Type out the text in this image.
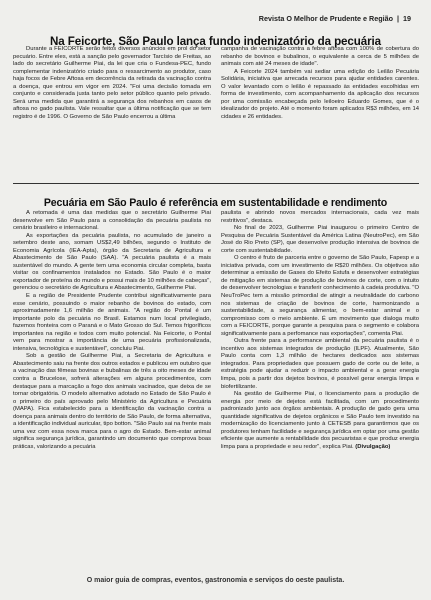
Revista O Melhor de Prudente e Região | 19
Na Feicorte, São Paulo lança fundo indenizatório da pecuária

Durante a FEICORTE serão feitos diversos anúncios em prol do setor pecuário. Entre eles, está a sanção pelo governador Tarcísio de Freitas, ao lado do secretário Guilherme Piai, da lei que cria o Fundesa-PEC, fundo complementar indenizatório criado para o ressarcimento ao produtor, caso haja focos de Febre Aftosa em decorrência da retirada da vacinação contra a doença, que entrou em vigor em 2024. "Foi uma decisão tomada em conjunto e considerada justa tanto pelo setor público quanto pelo privado. Será uma medida que garantirá a segurança dos rebanhos em casos de aftosa no gado paulista. Vale ressaltar que a última notificação que se tem registro é de 1996. O Governo de São Paulo encerrou a última

campanha de vacinação contra a febre aftosa com 100% de cobertura do rebanho de bovinos e bubalinos, o equivalente a cerca de 5 milhões de animais com até 24 meses de idade".

A Feicorte 2024 também vai sediar uma edição do Leilão Pecuária Solidária, iniciativa que arrecada recursos para ajudar entidades carentes. O valor levantado com o leilão é repassado às entidades escolhidas em forma de investimento, com acompanhamento da aplicação dos recursos por uma comissão encabeçada pelo leiloeiro Eduardo Gomes, que é o idealizador do projeto. Até o momento foram aplicados R$3 milhões, em 14 cidades e 26 entidades.

Pecuária em São Paulo é referência em sustentabilidade e rendimento

A retomada é uma das medidas que o secretário Guilherme Piai desenvolve em São Paulo para a consolidação da pecuária paulista no cenário brasileiro e internacional.

As exportações da pecuária paulista, no acumulado de janeiro a setembro deste ano, somam US$2,49 bilhões, segundo o Instituto de Economia Agrícola (IEA-Apta), órgão da Secretaria de Agricultura e Abastecimento de São Paulo (SAA). "A pecuária paulista é a mais sustentável do mundo. A gente tem uma economia circular completa, basta visitar os confinamentos instalados no Estado. São Paulo é o maior exportador de proteína do mundo e possui mais de 10 milhões de cabeças", gerenciou o secretário de Agricultura e Abastecimento, Guilherme Piai.

E a região de Presidente Prudente contribui significativamente para esse cenário, possuindo o maior rebanho de bovinos do estado, com aproximadamente 1,6 milhão de animais. "A região do Pontal é um importante polo da pecuária no Brasil. Estamos num local privilegiado, fazemos fronteira com o Paraná e o Mato Grosso do Sul. Temos frigoríficos importantes na região e todos com muito potencial. Na Feicorte, o Pontal vem para mostrar a importância de uma pecuária profissionalizada, intensiva, tecnológica e sustentável", concluiu Piai.

Sob a gestão de Guilherme Piai, a Secretaria de Agricultura e Abastecimento saiu na frente dos outros estados e publicou em outubro que a vacinação das fêmeas bovinas e bubalinas de três a oito meses de idade contra a Brucelose, sofrerá alterações em alguns procedimentos, com destaque para a marcação a fogo dos animais vacinados, que deixa de se tornar obrigatória. O modelo alternativo adotado no Estado de São Paulo é o primeiro do país aprovado pelo Ministério da Agricultura e Pecuária (MAPA). Fica estabelecido para a identificação da vacinação contra a doença para animais dentro do território de São Paulo, de forma alternativa, a identificação individual auricular, tipo botton. "São Paulo sai na frente mais uma vez com essa nova marca para o agro do Estado. Bem-estar animal significa segurança jurídica, garantindo um documento que comprova boas práticas, valorizando a pecuária

paulista e abrindo novos mercados internacionais, cada vez mais restritivos", destaca.

No final de 2023, Guilherme Piai inaugurou o primeiro Centro de Pesquisa de Pecuária Sustentável da América Latina (NeutroPec), em São José do Rio Preto (SP), que desenvolve produção intensiva de bovinos de corte com sustentabilidade.

O centro é fruto de parceria entre o governo de São Paulo, Fapesp e a iniciativa privada, com um investimento de R$20 milhões. Os objetivos são determinar a emissão de Gases do Efeito Estufa e desenvolver estratégias de mitigação em sistemas de produção de bovinos de corte, com o intuito de desenvolver tecnologias e transferir conhecimento à cadeia produtiva. "O NeuTroPec tem a missão primordial de atingir a neutralidade do carbono nos sistemas de criação de bovinos de corte, harmonizando a sustentabilidade, a segurança alimentar, o bem-estar animal e o compromisso com o meio ambiente. É um movimento que dialoga muito com a FEICORTE, porque garante a pesquisa para o segmento e colabora significativamente para a perfomance nas exportações", comenta Piai.

Outra frente para a performance ambiental da pecuária paulista é o incentivo aos sistemas integrados de produção (ILPF). Atualmente, São Paulo conta com 1,3 milhão de hectares dedicados aos sistemas integrados. Para propriedades que possuem gado de corte ou de leite, a estratégia pode ajudar a reduzir o impacto ambiental e a gerar energia limpa, pois a partir dos dejetos bovinos, é possível gerar energia limpa e biofertilizante.

Na gestão de Guilherme Piai, o licenciamento para a produção de energia por meio de dejetos está facilitada, com um procedimento padronizado junto aos órgãos ambientais. A produção de gado gera uma quantidade significativa de dejetos orgânicos e São Paulo tem investido na modernização do licenciamento junto à CETESB para garantirmos que os produtores tenham facilidade e segurança jurídica em optar por uma gestão eficiente que aumente a rentabilidade dos pecuaristas e que produz energia limpa para a propriedade e seu redor", explica Piai. (Divulgação)

O maior guia de compras, eventos, gastronomia e serviços do oeste paulista.
